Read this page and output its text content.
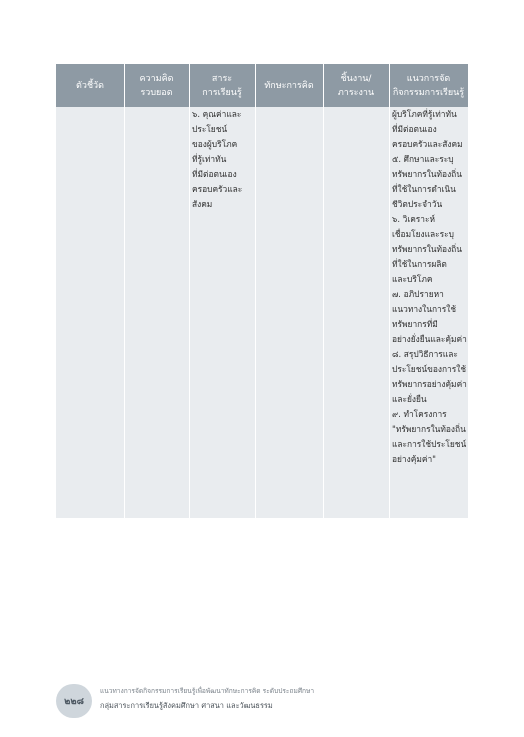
ตัวชี้วัด
ความคิด
รวบยอด
สาระ
การเรียนรู้
ทักษะการคิด
ชิ้นงาน/
ภาระงาน
แนวการจัด
กิจกรรมการเรียนรู้
๖. คุณค่าและ
ประโยชน์
ของผู้บริโภค
ที่รู้เท่าทัน
ที่มีต่อตนเอง
ครอบครัวและ
สังคม
ผู้บริโภคที่รู้เท่าทัน
ที่มีต่อตนเอง
ครอบครัวและสังคม
๕. ศึกษาและระบุ
ทรัพยากรในท้องถิ่น
ที่ใช้ในการดำเนิน
ชีวิตประจำวัน
๖. วิเคราะห์
เชื่อมโยงและระบุ
ทรัพยากรในท้องถิ่น
ที่ใช้ในการผลิต
และบริโภค
๗. อภิปรายหา
แนวทางในการใช้
ทรัพยากรที่มี
อย่างยั่งยืนและคุ้มค่า
๘. สรุปวิธีการและ
ประโยชน์ของการใช้
ทรัพยากรอย่างคุ้มค่า
และยั่งยืน
๙. ทำโครงการ
"ทรัพยากรในท้องถิ่น
และการใช้ประโยชน์
อย่างคุ้มค่า"
๒๒๘
แนวทางการจัดกิจกรรมการเรียนรู้เพื่อพัฒนาทักษะการคิด ระดับประถมศึกษา
กลุ่มสาระการเรียนรู้สังคมศึกษา ศาสนา และวัฒนธรรม
